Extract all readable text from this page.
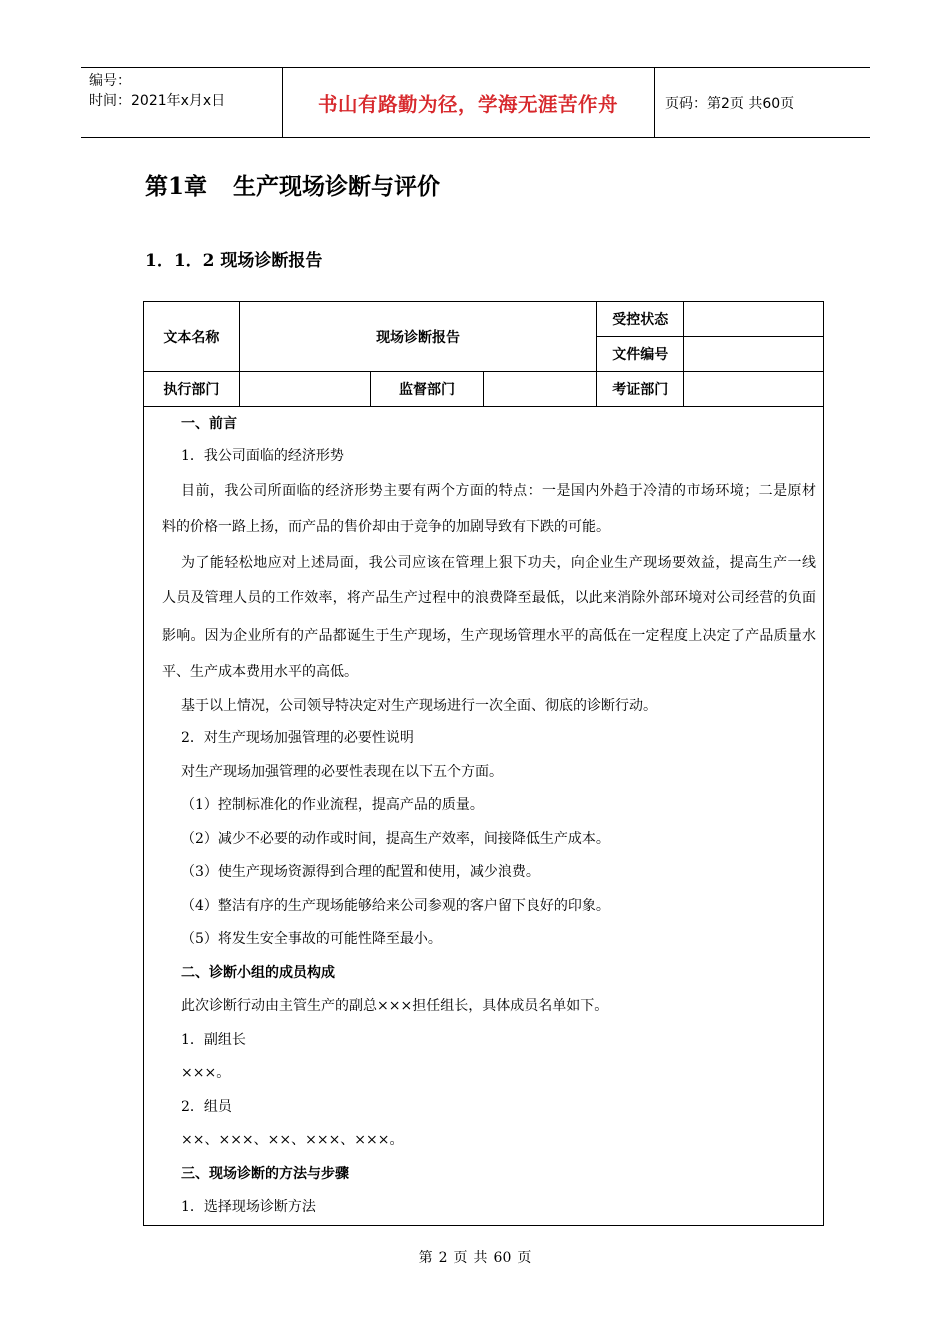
编号：
时间：2021年x月x日	书山有路勤为径，学海无涯苦作舟	页码：第2页 共60页
第1章 生产现场诊断与评价
1．1．2 现场诊断报告
文本名称	现场诊断报告			受控状态	
				文件编号	
执行部门		监督部门		考证部门	
一、前言
1．我公司面临的经济形势
目前，我公司所面临的经济形势主要有两个方面的特点：一是国内外趋于冷清的市场环境；二是原材
料的价格一路上扬，而产品的售价却由于竞争的加剧导致有下跌的可能。
为了能轻松地应对上述局面，我公司应该在管理上狠下功夫，向企业生产现场要效益，提高生产一线
人员及管理人员的工作效率，将产品生产过程中的浪费降至最低，以此来消除外部环境对公司经营的负面
影响。因为企业所有的产品都诞生于生产现场，生产现场管理水平的高低在一定程度上决定了产品质量水
平、生产成本费用水平的高低。
基于以上情况，公司领导特决定对生产现场进行一次全面、彻底的诊断行动。
2．对生产现场加强管理的必要性说明
对生产现场加强管理的必要性表现在以下五个方面。
（1）控制标准化的作业流程，提高产品的质量。
（2）减少不必要的动作或时间，提高生产效率，间接降低生产成本。
（3）使生产现场资源得到合理的配置和使用，减少浪费。
（4）整洁有序的生产现场能够给来公司参观的客户留下良好的印象。
（5）将发生安全事故的可能性降至最小。
二、诊断小组的成员构成
此次诊断行动由主管生产的副总×××担任组长，具体成员名单如下。
1．副组长
×××。
2．组员
××、×××、××、×××、×××。
三、现场诊断的方法与步骤
1．选择现场诊断方法
第 2 页 共 60 页
